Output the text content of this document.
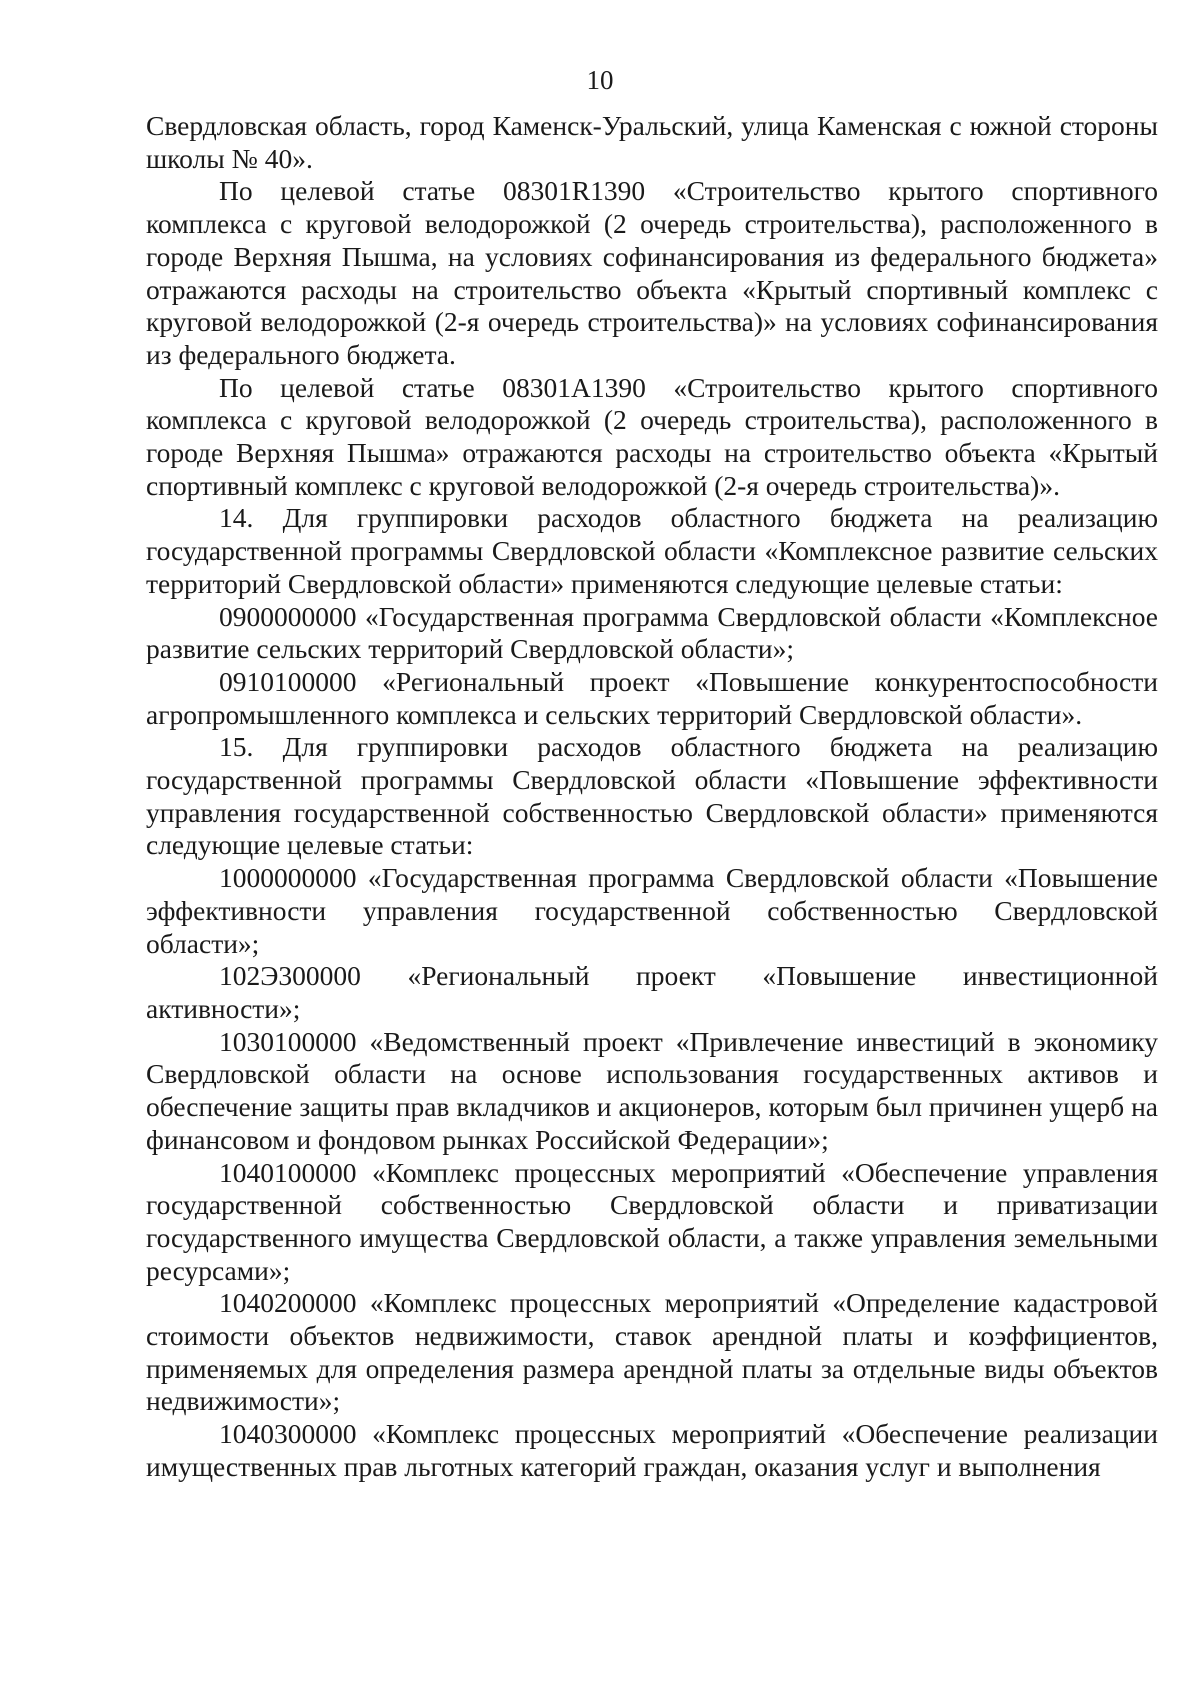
10

Свердловская область, город Каменск-Уральский, улица Каменская с южной стороны школы № 40».

По целевой статье 08301R1390 «Строительство крытого спортивного комплекса с круговой велодорожкой (2 очередь строительства), расположенного в городе Верхняя Пышма, на условиях софинансирования из федерального бюджета» отражаются расходы на строительство объекта «Крытый спортивный комплекс с круговой велодорожкой (2-я очередь строительства)» на условиях софинансирования из федерального бюджета.

По целевой статье 08301А1390 «Строительство крытого спортивного комплекса с круговой велодорожкой (2 очередь строительства), расположенного в городе Верхняя Пышма» отражаются расходы на строительство объекта «Крытый спортивный комплекс с круговой велодорожкой (2-я очередь строительства)».

14. Для группировки расходов областного бюджета на реализацию государственной программы Свердловской области «Комплексное развитие сельских территорий Свердловской области» применяются следующие целевые статьи:

0900000000 «Государственная программа Свердловской области «Комплексное развитие сельских территорий Свердловской области»;

0910100000 «Региональный проект «Повышение конкурентоспособности агропромышленного комплекса и сельских территорий Свердловской области».

15. Для группировки расходов областного бюджета на реализацию государственной программы Свердловской области «Повышение эффективности управления государственной собственностью Свердловской области» применяются следующие целевые статьи:

1000000000 «Государственная программа Свердловской области «Повышение эффективности управления государственной собственностью Свердловской области»;

102Э300000 «Региональный проект «Повышение инвестиционной активности»;

1030100000 «Ведомственный проект «Привлечение инвестиций в экономику Свердловской области на основе использования государственных активов и обеспечение защиты прав вкладчиков и акционеров, которым был причинен ущерб на финансовом и фондовом рынках Российской Федерации»;

1040100000 «Комплекс процессных мероприятий «Обеспечение управления государственной собственностью Свердловской области и приватизации государственного имущества Свердловской области, а также управления земельными ресурсами»;

1040200000 «Комплекс процессных мероприятий «Определение кадастровой стоимости объектов недвижимости, ставок арендной платы и коэффициентов, применяемых для определения размера арендной платы за отдельные виды объектов недвижимости»;

1040300000 «Комплекс процессных мероприятий «Обеспечение реализации имущественных прав льготных категорий граждан, оказания услуг и выполнения
